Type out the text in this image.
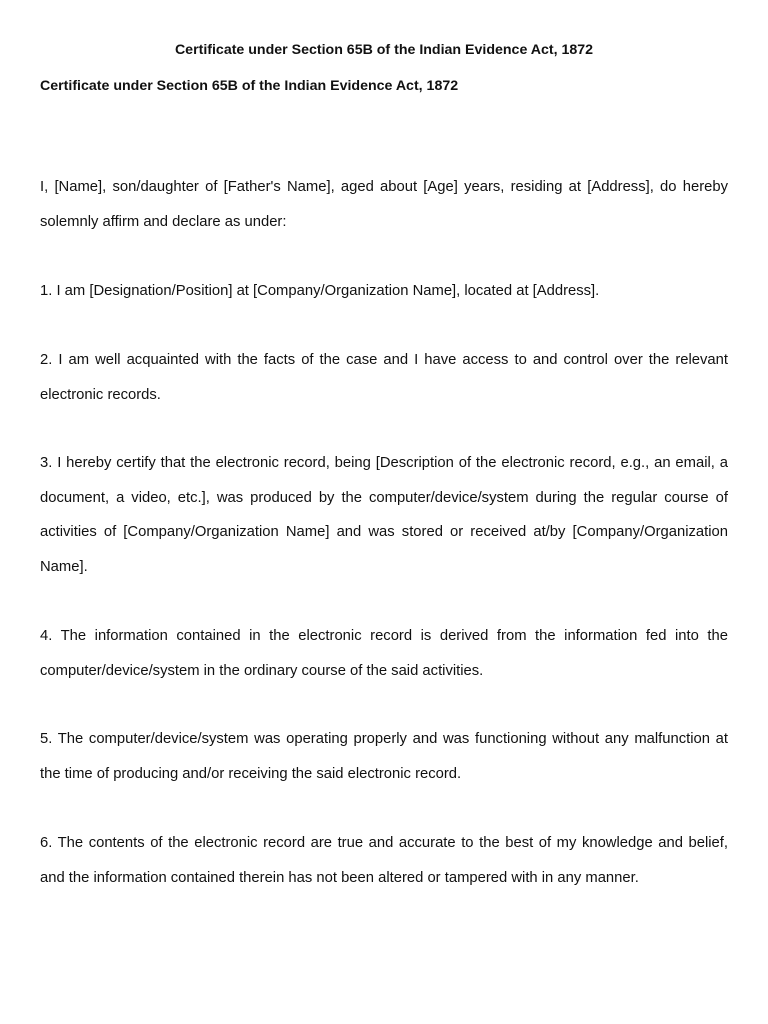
Certificate under Section 65B of the Indian Evidence Act, 1872
Certificate under Section 65B of the Indian Evidence Act, 1872

I, [Name], son/daughter of [Father's Name], aged about [Age] years, residing at [Address], do hereby solemnly affirm and declare as under:

1. I am [Designation/Position] at [Company/Organization Name], located at [Address].

2. I am well acquainted with the facts of the case and I have access to and control over the relevant electronic records.

3. I hereby certify that the electronic record, being [Description of the electronic record, e.g., an email, a document, a video, etc.], was produced by the computer/device/system during the regular course of activities of [Company/Organization Name] and was stored or received at/by [Company/Organization Name].

4. The information contained in the electronic record is derived from the information fed into the computer/device/system in the ordinary course of the said activities.

5. The computer/device/system was operating properly and was functioning without any malfunction at the time of producing and/or receiving the said electronic record.

6. The contents of the electronic record are true and accurate to the best of my knowledge and belief, and the information contained therein has not been altered or tampered with in any manner.
